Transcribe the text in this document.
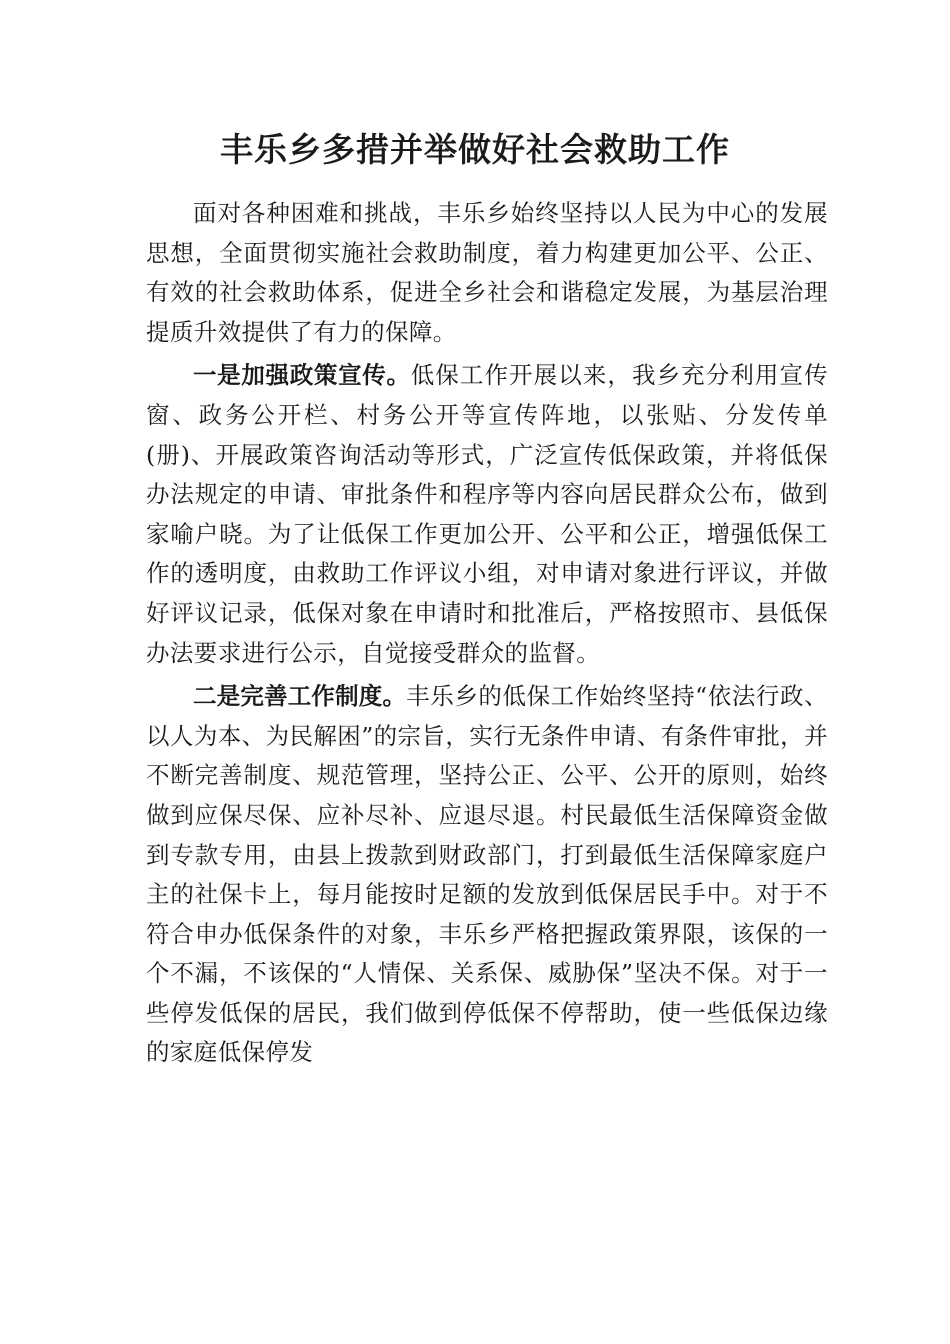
丰乐乡多措并举做好社会救助工作

面对各种困难和挑战，丰乐乡始终坚持以人民为中心的发展思想，全面贯彻实施社会救助制度，着力构建更加公平、公正、有效的社会救助体系，促进全乡社会和谐稳定发展，为基层治理提质升效提供了有力的保障。

一是加强政策宣传。低保工作开展以来，我乡充分利用宣传窗、政务公开栏、村务公开等宣传阵地，以张贴、分发传单(册)、开展政策咨询活动等形式，广泛宣传低保政策，并将低保办法规定的申请、审批条件和程序等内容向居民群众公布，做到家喻户晓。为了让低保工作更加公开、公平和公正，增强低保工作的透明度，由救助工作评议小组，对申请对象进行评议，并做好评议记录，低保对象在申请时和批准后，严格按照市、县低保办法要求进行公示，自觉接受群众的监督。

二是完善工作制度。丰乐乡的低保工作始终坚持“依法行政、以人为本、为民解困”的宗旨，实行无条件申请、有条件审批，并不断完善制度、规范管理，坚持公正、公平、公开的原则，始终做到应保尽保、应补尽补、应退尽退。村民最低生活保障资金做到专款专用，由县上拨款到财政部门，打到最低生活保障家庭户主的社保卡上，每月能按时足额的发放到低保居民手中。对于不符合申办低保条件的对象，丰乐乡严格把握政策界限，该保的一个不漏，不该保的“人情保、关系保、威胁保”坚决不保。对于一些停发低保的居民，我们做到停低保不停帮助，使一些低保边缘的家庭低保停发
